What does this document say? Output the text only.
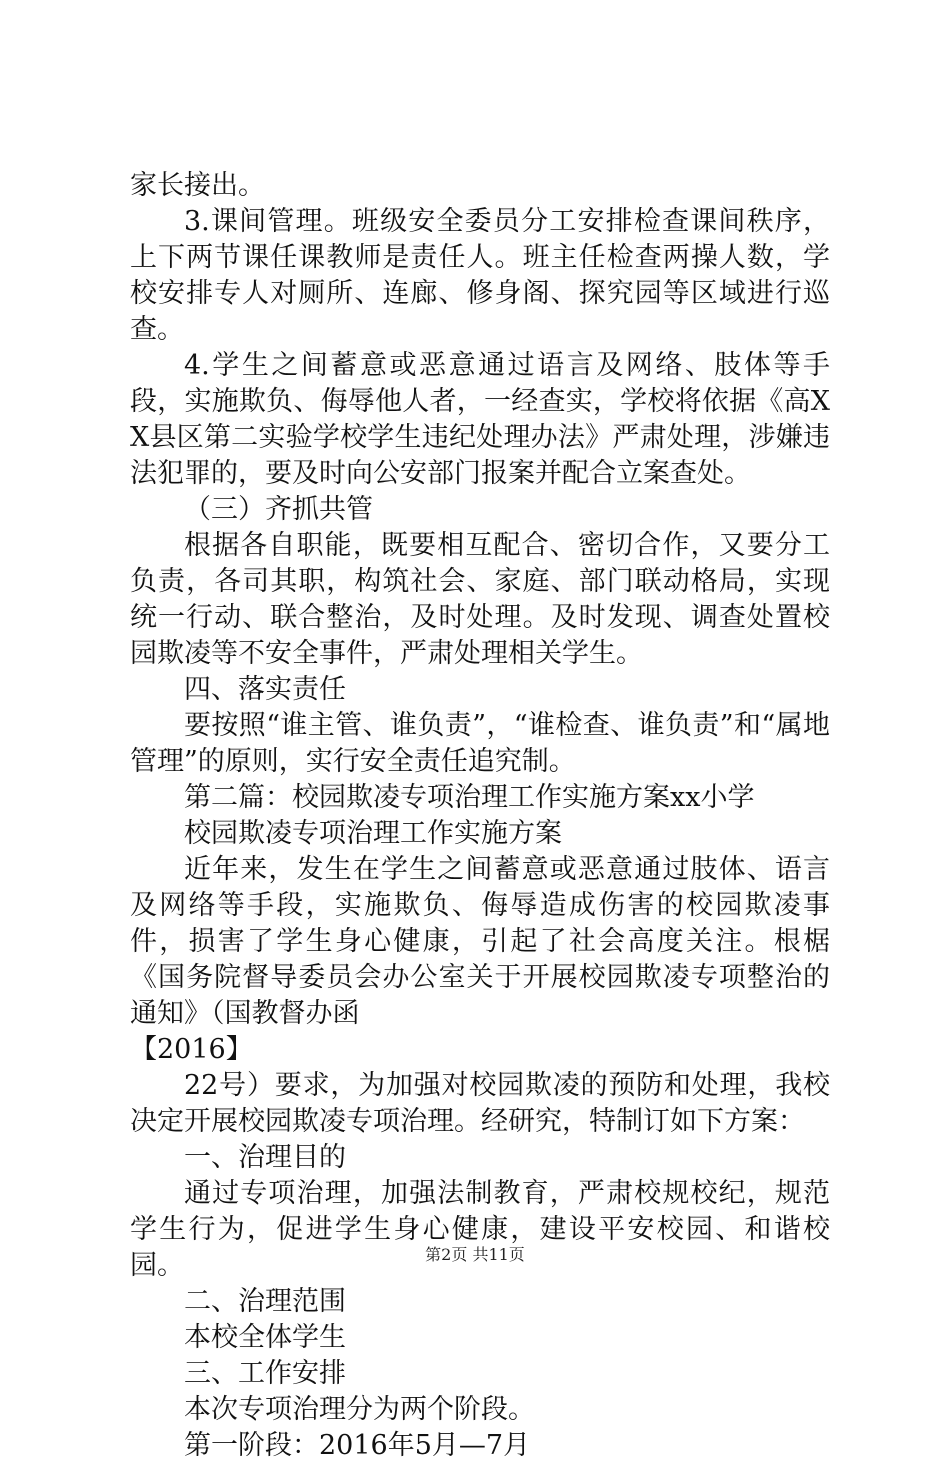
家长接出。

3.课间管理。班级安全委员分工安排检查课间秩序，上下两节课任课教师是责任人。班主任检查两操人数，学校安排专人对厕所、连廊、修身阁、探究园等区域进行巡查。

4.学生之间蓄意或恶意通过语言及网络、肢体等手段，实施欺负、侮辱他人者，一经查实，学校将依据《高XX县区第二实验学校学生违纪处理办法》严肃处理，涉嫌违法犯罪的，要及时向公安部门报案并配合立案查处。

（三）齐抓共管

根据各自职能，既要相互配合、密切合作，又要分工负责，各司其职，构筑社会、家庭、部门联动格局，实现统一行动、联合整治，及时处理。及时发现、调查处置校园欺凌等不安全事件，严肃处理相关学生。

四、落实责任

要按照“谁主管、谁负责”，“谁检查、谁负责”和“属地管理”的原则，实行安全责任追究制。

第二篇：校园欺凌专项治理工作实施方案xx小学

校园欺凌专项治理工作实施方案

近年来，发生在学生之间蓄意或恶意通过肢体、语言及网络等手段，实施欺负、侮辱造成伤害的校园欺凌事件，损害了学生身心健康，引起了社会高度关注。根椐《国务院督导委员会办公室关于开展校园欺凌专项整治的通知》（国教督办函

【2016】

22号）要求，为加强对校园欺凌的预防和处理，我校决定开展校园欺凌专项治理。经研究，特制订如下方案：

一、治理目的

通过专项治理，加强法制教育，严肃校规校纪，规范学生行为，促进学生身心健康，建设平安校园、和谐校园。

二、治理范围

本校全体学生

三、工作安排

本次专项治理分为两个阶段。

第一阶段：2016年5月—7月

第2页 共11页
